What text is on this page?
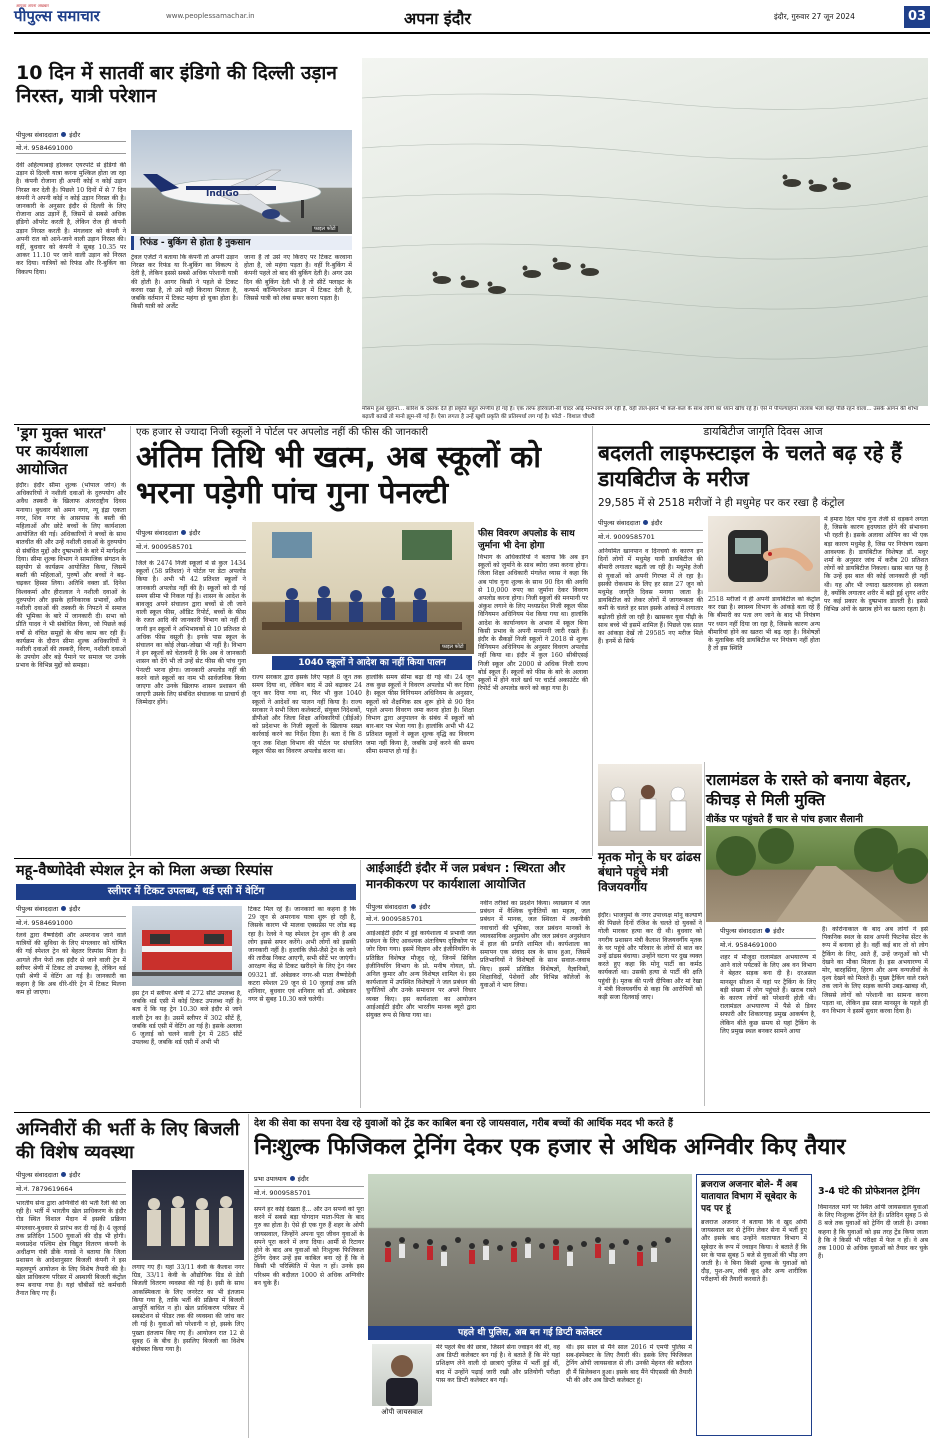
पीपुल्स समाचार
आपका अपना अखबार
www.peoplessamachar.in	अपना इंदौर	इंदौर, गुरुवार 27 जून 2024	03
10 दिन में सातवीं बार इंडिगो की दिल्ली उड़ान निरस्त, यात्री परेशान
पीपुल्स संवाददाता इंदौर
मो.नं. 9584691000
देवी अहिल्याबाई होलकर एयरपोर्ट से इंडिगो की उड़ान से दिल्ली यात्रा करना मुश्किल होता जा रहा है। कंपनी रोजाना ही अपनी कोई न कोई उड़ान निरस्त कर देती है। पिछले 10 दिनों में से 7 दिन कंपनी ने अपनी कोई न कोई उड़ान निरस्त की है। जानकारी के अनुसार इंदौर से दिल्ली के लिए रोजाना आठ उड़ानें हैं, जिसमें से सबसे अधिक इंडिगो ऑपरेट करती है, लेकिन रोज ही कंपनी उड़ान निरस्त करती है। मंगलवार को कंपनी ने अपनी रात को आने-जाने वाली उड़ान निरस्त की। वहीं, बुधवार को कंपनी ने सुबह 10.35 पर आकर 11.10 पर जाने वाली उड़ान को निरस्त कर दिया। यात्रियों को रिफंड और रि-बुकिंग का विकल्प दिया।
IndiGo
फाइल फोटो
रिफंड - बुकिंग से होता है नुकसान
ट्रेवल एजेंटों ने बताया कि कंपनी तो अपनी उड़ान निरस्त कर रिफंड या रि-बुकिंग का विकल्प दे देती है, लेकिन इससे सबसे अधिक परेशानी यात्री की होती है। आगर किसी ने पहले से टिकट करवा रखा है, तो उसे वही किराया मिलता है, जबकि वर्तमान में टिकट महंगा हो चुका होता है। किसी यात्री को अर्जेंट
जाना है तो उसे नए किराए पर टिकट करवाना होता है, जो महंगा पड़ता है। वहीं रि-बुकिंग में कंपनी पहले तो बाद की बुकिंग देती है। अगर उस दिन की बुकिंग देती भी है तो सीटें फ्लाइट के कन्फर्म कॉन्फिगरेशन डाउन में टिकट देती है, जिससे यात्री को लंबा सफर करना पड़ता है।
मौसम हुआ सुहाना... बारिश के दस्तक देते ही प्रकृति बहुत रमणीय हो गई है। एक तरफ हरियाली-सी चादर ओढ़े मनभावन लग रही है, वहीं ताल-झरने भी कल-कल के साथ लोगों का ध्यान खींच रहे हैं। ऐसे में पीपल्याहाना तालाब भला कहां पीछे रहने वाला... उसके आंगन की शोभा बढ़ाती बतखें तो मानो झूम-सी गई हैं। ऐसा लगता है उन्हें खुशी प्रकृति की प्रतिस्पर्धा लग गई है। फोटो - विशाल चौधरी
'ड्रग मुक्त भारत' पर कार्यशाला आयोजित
इंदौर। इंदौर सीमा शुल्क (भोपाल जोन) के अधिकारियों ने नशीली दवाओं के दुरुपयोग और अवैध तस्करी के खिलाफ अंतरराष्ट्रीय दिवस मनाया। बुधवार को अमन नगर, न्यू इंद्रा एकता नगर, शिव नगर के आसपास के बस्ती की महिलाओं और छोटे बच्चों के लिए कार्यशाला आयोजित की गई। अधिकारियों ने बच्चों के साथ बातचीत की और उन्हें नशीली दवाओं के दुरुपयोग से संबंधित मुद्दों और दुष्प्रभावों के बारे में मार्गदर्शन दिया। सीमा शुल्क विभाग ने सामाजिक संगठन के सहयोग से कार्यक्रम आयोजित किया, जिसमें बस्ती की महिलाओं, पुरुषों और बच्चों ने बढ़-चढ़कर हिस्सा लिया। अतिथि वक्ता डॉ. दिनेश विश्वकर्मा और हीरालाल ने नशीली दवाओं के दुरुपयोग और इसके हानिकारक प्रभावों, अवैध नशीली दवाओं की तस्करी के निपटने में समाज की भूमिका के बारे में जानकारी दी। सभा को प्रीति यादव ने भी संबोधित किया, जो पिछले कई वर्षों से वंचित समूहों के बीच काम कर रही हैं। कार्यक्रम के दौरान सीमा शुल्क अधिकारियों ने नशीली दवाओं की तस्करी, विरण, नशीली दवाओं के उपयोग और बड़े पैमाने पर समाज पर उनके प्रभाव के विभिन्न मुद्दों को समझा।
एक हजार से ज्यादा निजी स्कूलों ने पोर्टल पर अपलोड नहीं की फीस की जानकारी
अंतिम तिथि भी खत्म, अब स्कूलों को भरना पड़ेगी पांच गुना पेनल्टी
पीपुल्स संवाददाता इंदौर
मो.नं. 9009585701
जिले के 2474 निजी स्कूलों में से कुल 1434 स्कूलों (58 प्रतिशत) ने पोर्टल पर डेटा अपलोड किया है। अभी भी 42 प्रतिशत स्कूलों ने जानकारी अपलोड नहीं की है। स्कूलों को दी गई समय सीमा भी निकल गई है। शासन के आदेश के बावजूद अपने संचालन द्वारा बच्चों से ली जाने वाली स्कूल फीस, ऑडिट रिपोर्ट, बच्चों के फीस के रजत आदि की जानकारी विभाग को नहीं दी जानी इन स्कूलों ने अभिभावकों से 10 प्रतिशत से अधिक फीस वसूली है। इनके पास स्कूल के संचालन का कोई लेखा-जोखा भी नहीं है। विभाग ने इन स्कूलों को चेतावनी है कि अब वे जानकारी शासन को देंगे भी तो उन्हें सेट फीस की पांच गुना पेनल्टी भरना होगा। जानकारी अपलोड नहीं की करने वाले स्कूलों का नाम भी सार्वजनिक किया जाएगा और उनके खिलाफ शासन प्रशासन की जाएगी उसके लिए संबंधित संचालक या प्राचार्य ही जिम्मेदार होंगे।
फाइल फोटो
फीस विवरण अपलोड के साथ जुर्माना भी देना होगा
विभाग के अधिकारियों ने बताया कि अब इन स्कूलों को जुर्माने के साथ ब्योरा जमा करना होगा। जिला शिक्षा अधिकारी मंगलेश व्यास ने कहा कि अब पांच गुना शुल्क के साथ 90 दिन की अवधि से 10,000 रुपए का जुर्माना देकर विवरण अपलोड करना होगा। निजी स्कूलों की मनमानी पर अंकुश लगाने के लिए मध्यप्रदेश निजी स्कूल फीस विनियमन अधिनियम पेश किया गया था। हालांकि आदेश के कार्यान्वयन के अभाव में स्कूल बिना किसी प्रभाव के अपनी मनमानी जारी रखते हैं। इंदौर के सैकड़ों निजी स्कूलों ने 2018 से शुल्क विनियमन अधिनियम के अनुसार विवरण अपलोड नहीं किया था। इंदौर में कुल 160 सीबीएसई निजी स्कूल और 2000 से अधिक निजी राज्य बोर्ड स्कूल हैं। स्कूलों को फीस के बारे के अलावा स्कूलों में होने वाले खर्च पर चार्टर्ड अकाउंटेंट की रिपोर्ट भी अपलोड करने को कहा गया है।
1040 स्कूलों ने आदेश का नहीं किया पालन
राज्य सरकार द्वारा इसके लिए पहले 8 जून तक समय दिया था, लेकिन बाद में उसे बढ़ाकर 24 जून कर दिया गया था, फिर भी कुल 1040 स्कूलों ने आदेशों का पालन नहीं किया है। राज्य सरकार ने सभी जिला कलेक्टरों, संयुक्त निदेशकों, डीपीओ और जिला शिक्षा अधिकारियों (डीईओ) को प्रदेशभर के निजी स्कूलों के खिलाफ सख्त कार्रवाई करने का निर्देश दिया है। बता दें कि 8 जून तक शिक्षा विभाग की पोर्टल पर संचालित स्कूल फीस का विवरण अपलोड करना था।
हालांकि समय सीमा बढ़ा दी गई थी। 24 जून तक कुछ स्कूलों ने विवरण अपलोड भी कर दिया है। स्कूल फीस विनियमन अधिनियम के अनुसार, स्कूलों को शैक्षणिक सत्र शुरू होने से 90 दिन पहले अपना विवरण जमा करना होता है। शिक्षा विभाग द्वारा अनुपालन के संबंध में स्कूलों को बार-बार पत्र भेजा गया है। हालांकि अभी भी 42 प्रतिशत स्कूलों ने स्कूल शुल्क वृद्धि का विवरण जमा नहीं किया है, जबकि उन्हें करने की समय सीमा समाप्त हो गई है।
डायबिटीज जागृति दिवस आज
बदलती लाइफस्टाइल के चलते बढ़ रहे हैं डायबिटीज के मरीज
29,585 में से 2518 मरीजों ने ही मधुमेह पर कर रखा है कंट्रोल
पीपुल्स संवाददाता इंदौर
मो.नं. 9009585701
अनियमित खानपान व दिनचर्या के कारण इन दिनों लोगों में मधुमेह यानी डायबिटीज की बीमारी लगातार बढ़ती जा रही है। मधुमेह तेजी से युवाओं को अपनी गिरफ्त में ले रहा है। इसकी रोकथाम के लिए हर साल 27 जून को मधुमेह जागृति दिवस मनाया जाता है। डायबिटीज को लेकर लोगों में जागरूकता की कमी के चलते हर साल इसके आंकड़े में लगातार बढ़ोतरी होती जा रही है। खासकर युवा पीढ़ी के साथ बच्चे भी इसमें शामिल हैं। पिछले एक साल का आंकड़ा देखें तो 29585 नए मरीज मिले हैं। इनमें से सिर्फ
2518 मरीजों ने ही अपनी डायबिटीज को कंट्रोल कर रखा है। स्वास्थ्य विभाग के आंकड़े बता रहे हैं कि बीमारी का पता लग जाने के बाद भी नियंत्रण पर ध्यान नहीं दिया जा रहा है, जिसके कारण अन्य बीमारियां होने का खतरा भी बढ़ रहा है। विशेषज्ञों के मुताबिक यदि डायबिटीज पर नियंत्रण नहीं होता है तो इस स्थिति
में हमारा दिल पांच गुना तेजी से धड़कने लगता है, जिसके कारण हृदयघात होने की संभावना भी रहती है। इसके अलावा ओपिन का भी एक बड़ा कारण मधुमेह है, जिस पर नियंत्रण रखना आवश्यक है। डायबिटीज विशेषज्ञ डॉ. मधुर शर्मा के अनुसार जांच में करीब 20 प्रतिशत लोगों को डायबिटीज निकला। खास बात यह है कि उन्हें इस बात की कोई जानकारी ही नहीं थी। यह और भी ज्यादा खतरनाक हो सकता है, क्योंकि लगातार शरीर में बढ़ी हुई शुगर शरीर पर कई प्रकार के दुष्प्रभाव डालती है। इससे विभिन्न अंगों के खराब होने का खतरा रहता है।
रालामंडल के रास्ते को बनाया बेहतर, कीचड़ से मिली मुक्ति
वीकेंड पर पहुंचते हैं चार से पांच हजार सैलानी
पीपुल्स संवाददाता इंदौर
मो.नं. 9584691000
शहर में मौजूदा रालामंडल अभयारण्य में आने वाले पर्यटकों के लिए अब वन विभाग ने बेहतर सड़क बना दी है। दरअसल मानसून सीजन में यहां पर ट्रैकिंग के लिए बड़ी संख्या में लोग पहुंचते हैं। खराब रास्ते के कारण लोगों को परेशानी होती थी। रालामंडल अभयारण्य में पैसे से डियर सफारी और शिकारगाह प्रमुख आकर्षण है, लेकिन बीते कुछ समय से यहां ट्रैकिंग के लिए प्रमुख स्थल बनकर सामने आया
है। कोरोनाकाल के बाद अब लोगों ने इसे पिकनिक स्थल के साथ अपनी फिटनेस सेंटर के रूप में बनाया हो है। वहीं कई बार तो वो लोग ट्रैकिंग के लिए, आते हैं, उन्हें जन्तुओं को भी देखने का मौका मिलता है। इस अभयारण्य में मोर, बारहसिंगा, हिरण और अन्य वन्यजीवों के दृश्य देखने को मिलते हैं। मुख्य ट्रैकिंग वाले रास्ते तक जाने के लिए सड़क काफी उबड़-खाबड़ थी, जिससे लोगों को परेशानी का सामना करना पड़ता था, लेकिन इस साल मानसून के पहले ही वन विभाग ने इसमें सुधार करवा दिया है।
मृतक मोनू के घर ढांढस बंधाने पहुंचे मंत्री विजयवर्गीय
इंदौर। भाजयुमो के नगर उपाध्यक्ष मोनू कल्याणे की पिछले दिनों रंजिश के चलते दो युवकों ने गोली मारकर हत्या कर दी थी। बुधवार को नगरीय प्रशासन मंत्री कैलाश विजयवर्गीय मृतक के घर पहुंचे और परिवार के लोगों से बात कर उन्हें ढांढस बंधाया। उन्होंने घटना पर दुख व्यक्त करते हुए कहा कि मोनू पार्टी का कर्मठ कार्यकर्ता था। उसकी हत्या से पार्टी की क्षति पहुंची है। मृतक की पत्नी दीपिका और मां रेखा ने मंत्री विजयवर्गीय से कहा कि आरोपियों को कड़ी सजा दिलवाई जाए।
महू-वैष्णोदेवी स्पेशल ट्रेन को मिला अच्छा रिस्पांस
स्लीपर में टिकट उपलब्ध, थर्ड एसी में वेटिंग
पीपुल्स संवाददाता इंदौर
मो.नं. 9584691000
रेलवे द्वारा वैष्णोदेवी और अमरनाथ जाने वाले यात्रियों की सुविधा के लिए मंगलवार को घोषित की गई स्पेशल ट्रेन को बेहतर रिस्पांस मिला है। आगले तीन फेरों तक इंदौर से जाने वाली ट्रेन में स्लीपर श्रेणी में टिकट तो उपलब्ध है, लेकिन थर्ड एसी श्रेणी में वेटिंग आ गई है। जानकारी का कहना है कि अब धीरे-धीरे ट्रेन में टिकट मिलना कम हो जाएगा।	इस ट्रेन में स्लीपर श्रेणी में 272 सीटें उपलब्ध है, जबकि थर्ड एसी में कोई टिकट उपलब्ध नहीं है। बता दें कि यह ट्रेन 10.30 बजे इंदौर से जाने वाली ट्रेन का है। उसमें स्लीपर में 302 सीटें हैं, जबकि थर्ड एसी में वेटिंग आ गई है। इसके अलावा 6 जुलाई को चलने वाली ट्रेन में 285 सीटें उपलब्ध हैं, जबकि थर्ड एसी में अभी भी
टिकट मिल रहे हैं। जानकारों का कहना है कि 29 जून से अमरनाथ यात्रा शुरू हो रही है, जिसके कारण भी मालवा एक्सप्रेस पर लोड बढ़ रहा है। रेलवे ने यह स्पेशल ट्रेन शुरू की है अब लोग इससे सफर करेंगे। अभी लोगों को इसकी जानकारी नहीं है। हालांकि जैसे-जैसे ट्रेन के जाने की तारीख निकट आएगी, सभी सीटें भर जाएंगी। आरक्षण केंद्र से टिकट खरीदने के लिए ट्रेन नंबर 09321 डॉ. अंबेडकर नगर-श्री माता वैष्णोदेवी कटरा स्पेशल 29 जून से 10 जुलाई तक प्रति शनिवार, बुधवार एवं शनिवार को डॉ. अंबेडकर नगर से सुबह 10.30 बजे चलेगी।
आईआईटी इंदौर में जल प्रबंधन : स्थिरता और मानकीकरण पर कार्यशाला आयोजित
पीपुल्स संवाददाता इंदौर
मो.नं. 9009585701
आईआईटी इंदौर में हुई कार्यशाला में प्रभावी जल प्रबंधन के लिए आवश्यक अंतःविषय दृष्टिकोण पर जोर दिया गया। इसमें विज्ञान और इंजीनियरिंग के प्रतिष्ठित विशेषज्ञ मौजूद रहे, जिनमें सिविल इंजीनियरिंग विभाग के प्रो. मनीष गोयल, प्रो. अनिल कुमार और अन्य विशेषज्ञ शामिल थे। इस कार्यशाला में उपस्थित विशेषज्ञों ने जल प्रबंधन की चुनौतियों और उनके समाधान पर अपने विचार व्यक्त किए। इस कार्यशाला का आयोजन आईआईटी इंदौर और भारतीय मानक ब्यूरो द्वारा संयुक्त रूप से किया गया था।
नवीन तरीकों का प्रदर्शन किया। व्याख्यान में जल प्रबंधन में वैश्विक चुनौतियों का महत्व, जल प्रबंधन में मानक, जल स्थिरता में तकनीकी नवाचारों की भूमिका, जल प्रबंधन मानकों के व्यावसायिक अनुप्रयोग और जल प्रबंधन अनुसंधान में हाल की प्रगति शामिल थी। कार्यशाला का समापन एक संवाद सत्र के साथ हुआ, जिसमें प्रतिभागियों ने विशेषज्ञों के साथ सवाल-जवाब किए। इसमें प्रतिष्ठित विशेषज्ञों, वैज्ञानिकों, शिक्षाविदों, पेशेवरों और विभिन्न कॉलेजों के युवाओं ने भाग लिया।
अग्निवीरों की भर्ती के लिए बिजली की विशेष व्यवस्था
पीपुल्स संवाददाता इंदौर
मो.नं. 7879619664
भारतीय सेना द्वारा अग्निवीरों की भर्ती रैली की जा रही है। भर्ती में भारतीय खेल प्राधिकरण के इंदौर रोड स्थित विशाल मैदान में इसकी प्रक्रिया मंगलवार-बुधवार से प्रारंभ कर दी गई है। 4 जुलाई तक प्रतिदिन 1500 युवाओं की दौड़ भी होगी। मध्यप्रदेश पश्चिम क्षेत्र विद्युत वितरण कंपनी के अधीक्षण यंत्री डीके गावडे ने बताया कि जिला प्रशासन के आदेशानुसार बिजली कंपनी ने इस महत्वपूर्ण आयोजन के लिए विशेष तैयारी की है। खेल प्राधिकरण परिसर में अस्थायी बिजली कंट्रोल रूम बनाया गया है। यहां चौबीसों घंटे कर्मचारी तैनात किए गए हैं।
लगाए गए हैं। यहां 33/11 केवी के कैलाश नगर ग्रिड, 33/11 केवी के औद्योगिक ग्रिड से डेडी बिजली वितरण व्यवस्था की गई है। इसी के साथ आकस्मिकता के लिए जनरेटर का भी इंतजाम किया गया है, ताकि भर्ती की प्रक्रिया में बिजली आपूर्ति बाधित न हो। खेल प्राधिकरण परिसर में सबस्टेशन से फीडर तक की व्यवस्था की जांच कर ली गई है। युवाओं को परेशानी न हो, इसके लिए पुख्ता इंतजाम किए गए हैं। आयोजन रात 12 से सुबह 6 के बीच है। इसलिए बिजली का विशेष बंदोबस्त किया गया है।
देश की सेवा का सपना देख रहे युवाओं को ट्रेंड कर काबिल बना रहे जायसवाल, गरीब बच्चों की आर्थिक मदद भी करते हैं
निःशुल्क फिजिकल ट्रेनिंग देकर एक हजार से अधिक अग्निवीर किए तैयार
प्रभा उपाध्याय इंदौर
मो.नं. 9009585701
सपने हर कोई देखता है... और उन सपनों को पूरा करने में सबसे बड़ा योगदान माता-पिता के बाद गुरु का होता है। ऐसे ही एक गुरु हैं शहर के ओपी जायसवाल, जिन्होंने अपना पूरा जीवन युवाओं के सपने पूरा करने में लगा दिया। आर्मी से रिटायर होने के बाद अब युवाओं को निःशुल्क फिजिकल ट्रेनिंग देकर उन्हें इस काबिल बना रहे हैं कि वे किसी भी परिस्थिति में फेल न हों। उनके इस परिश्रम की बदौलत 1000 से अधिक अग्निवीर बन चुके हैं।
पहले थी पुलिस, अब बन गई डिप्टी कलेक्टर
ओपी जायसवाल
मेरे पहले बैच की छात्रा, जिसने सेना ज्वाइन की थी, वह अब डिप्टी कलेक्टर बन गई है। वे बताते हैं कि मेरे यहां प्रशिक्षण लेने वाली दो छात्राएं पुलिस में भर्ती हुई थीं, बाद में उन्होंने पढ़ाई जारी रखी और प्रतियोगी परीक्षा पास कर डिप्टी कलेक्टर बन गईं।
थी। इस साल से मैंने साल 2016 में एमपी पुलिस में सब-इंस्पेक्टर के लिए तैयारी की। इसके लिए फिजिकल ट्रेनिंग ओपी जायसवाल से ली। उनकी मेहनत की बदौलत ही मैं सिलेक्शन हुआ। इसके बाद मैंने पीएससी की तैयारी भी की और अब डिप्टी कलेक्टर हूं।
ब्रजराज अजनार बोले- मैं अब यातायात विभाग में सूबेदार के पद पर हूं
ब्रजराज अजनार ने बताया कि वे खुद ओपी जायसवाल सर से ट्रेनिंग लेकर सेना में भर्ती हुए और इसके बाद उन्होंने यातायात विभाग में सूबेदार के रूप में ज्वाइन किया। वे बताते हैं कि सर के पास सुबह 5 बजे से युवाओं की भीड़ लग जाती है। वे बिना किसी शुल्क के युवाओं को दौड़, पुश-अप, लंबी कूद और अन्य शारीरिक परीक्षणों की तैयारी करवाते हैं।
3-4 घंटे की प्रोफेशनल ट्रेनिंग
विमानतल मार्ग पर स्थित ओपी जायसवाल युवाओं के लिए निःशुल्क ट्रेनिंग देते हैं। प्रतिदिन सुबह 5 से 8 बजे तक युवाओं को ट्रेनिंग दी जाती है। उनका कहना है कि युवाओं को इस तरह ट्रेंड किया जाता है कि वे किसी भी परीक्षा में फेल न हों। वे अब तक 1000 से अधिक युवाओं को तैयार कर चुके हैं।
